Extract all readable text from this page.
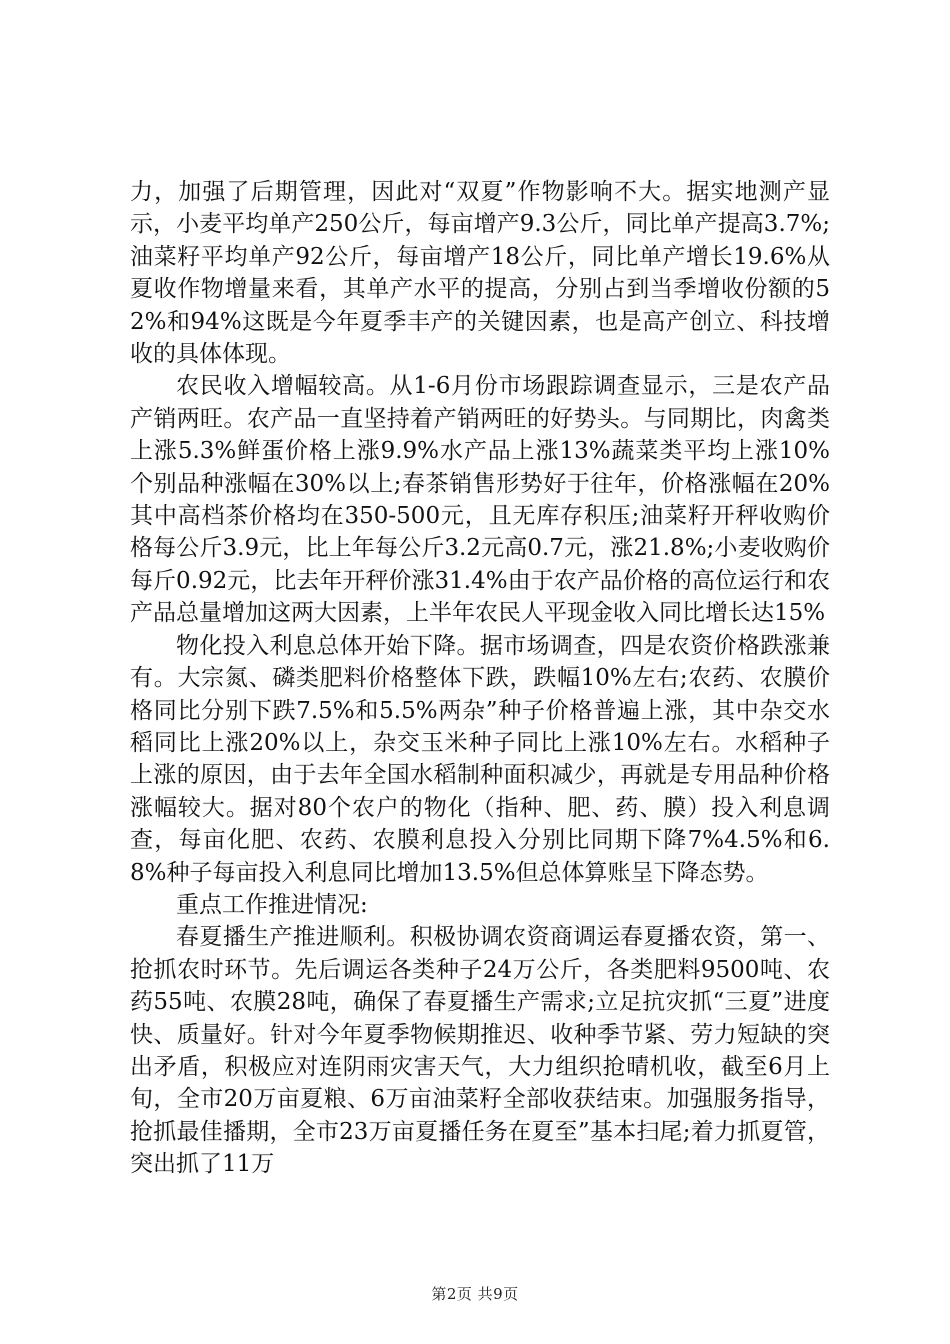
力，加强了后期管理，因此对“双夏”作物影响不大。据实地测产显示，小麦平均单产250公斤，每亩增产9.3公斤，同比单产提高3.7%;油菜籽平均单产92公斤，每亩增产18公斤，同比单产增长19.6%从夏收作物增量来看，其单产水平的提高，分别占到当季增收份额的52%和94%这既是今年夏季丰产的关键因素，也是高产创立、科技增收的具体体现。

农民收入增幅较高。从1-6月份市场跟踪调查显示，三是农产品产销两旺。农产品一直坚持着产销两旺的好势头。与同期比，肉禽类上涨5.3%鲜蛋价格上涨9.9%水产品上涨13%蔬菜类平均上涨10%个别品种涨幅在30%以上;春茶销售形势好于往年，价格涨幅在20%其中高档茶价格均在350-500元，且无库存积压;油菜籽开秤收购价格每公斤3.9元，比上年每公斤3.2元高0.7元，涨21.8%;小麦收购价每斤0.92元，比去年开秤价涨31.4%由于农产品价格的高位运行和农产品总量增加这两大因素，上半年农民人平现金收入同比增长达15%

物化投入利息总体开始下降。据市场调查，四是农资价格跌涨兼有。大宗氮、磷类肥料价格整体下跌，跌幅10%左右;农药、农膜价格同比分别下跌7.5%和5.5%两杂”种子价格普遍上涨，其中杂交水稻同比上涨20%以上，杂交玉米种子同比上涨10%左右。水稻种子上涨的原因，由于去年全国水稻制种面积减少，再就是专用品种价格涨幅较大。据对80个农户的物化（指种、肥、药、膜）投入利息调查，每亩化肥、农药、农膜利息投入分别比同期下降7%4.5%和6.8%种子每亩投入利息同比增加13.5%但总体算账呈下降态势。

重点工作推进情况:

春夏播生产推进顺利。积极协调农资商调运春夏播农资，第一、抢抓农时环节。先后调运各类种子24万公斤，各类肥料9500吨、农药55吨、农膜28吨，确保了春夏播生产需求;立足抗灾抓“三夏”进度快、质量好。针对今年夏季物候期推迟、收种季节紧、劳力短缺的突出矛盾，积极应对连阴雨灾害天气，大力组织抢晴机收，截至6月上旬，全市20万亩夏粮、6万亩油菜籽全部收获结束。加强服务指导，抢抓最佳播期，全市23万亩夏播任务在夏至”基本扫尾;着力抓夏管，突出抓了11万

第2页 共9页
